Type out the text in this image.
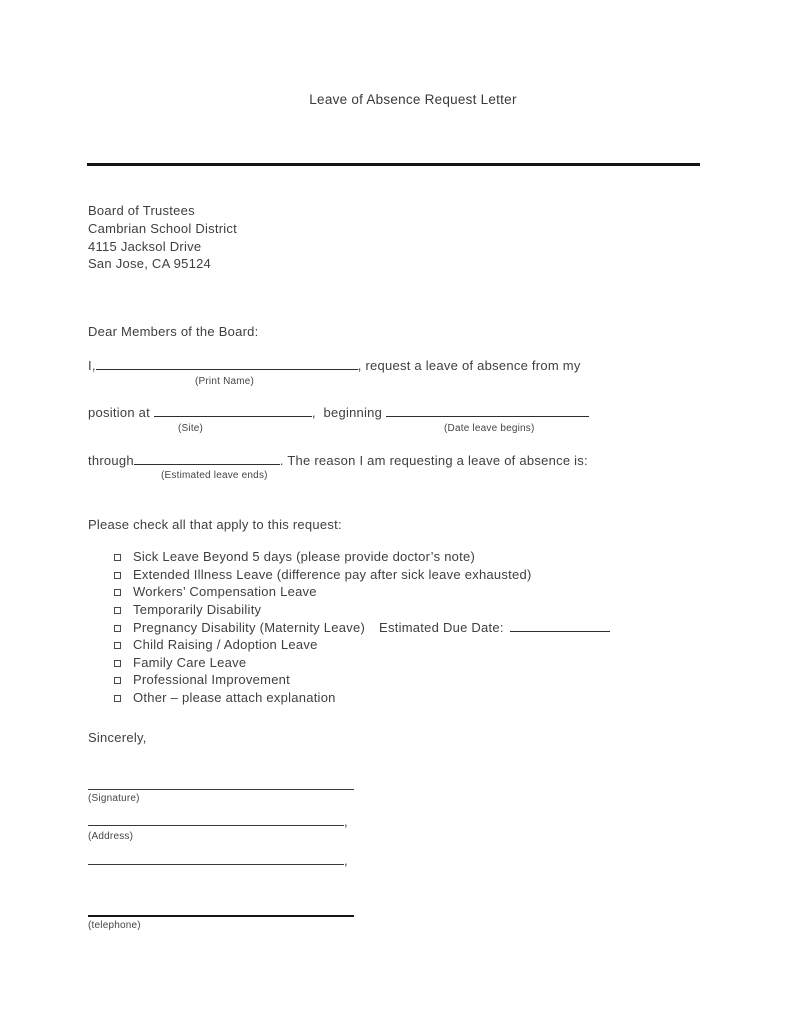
Leave of Absence Request Letter
Board of Trustees
Cambrian School District
4115 Jacksol Drive
San Jose, CA 95124
Dear Members of the Board:
I,	, request a leave of absence from my
(Print Name)
position at	, beginning
(Site)	(Date leave begins)
through	. The reason I am requesting a leave of absence is:
(Estimated leave ends)
Please check all that apply to this request:
Sick Leave Beyond 5 days (please provide doctor’s note)
Extended Illness Leave (difference pay after sick leave exhausted)
Workers’ Compensation Leave
Temporarily Disability
Pregnancy Disability (Maternity Leave) Estimated Due Date:
Child Raising / Adoption Leave
Family Care Leave
Professional Improvement
Other – please attach explanation
Sincerely,
(Signature)
,
(Address)
,
(telephone)
